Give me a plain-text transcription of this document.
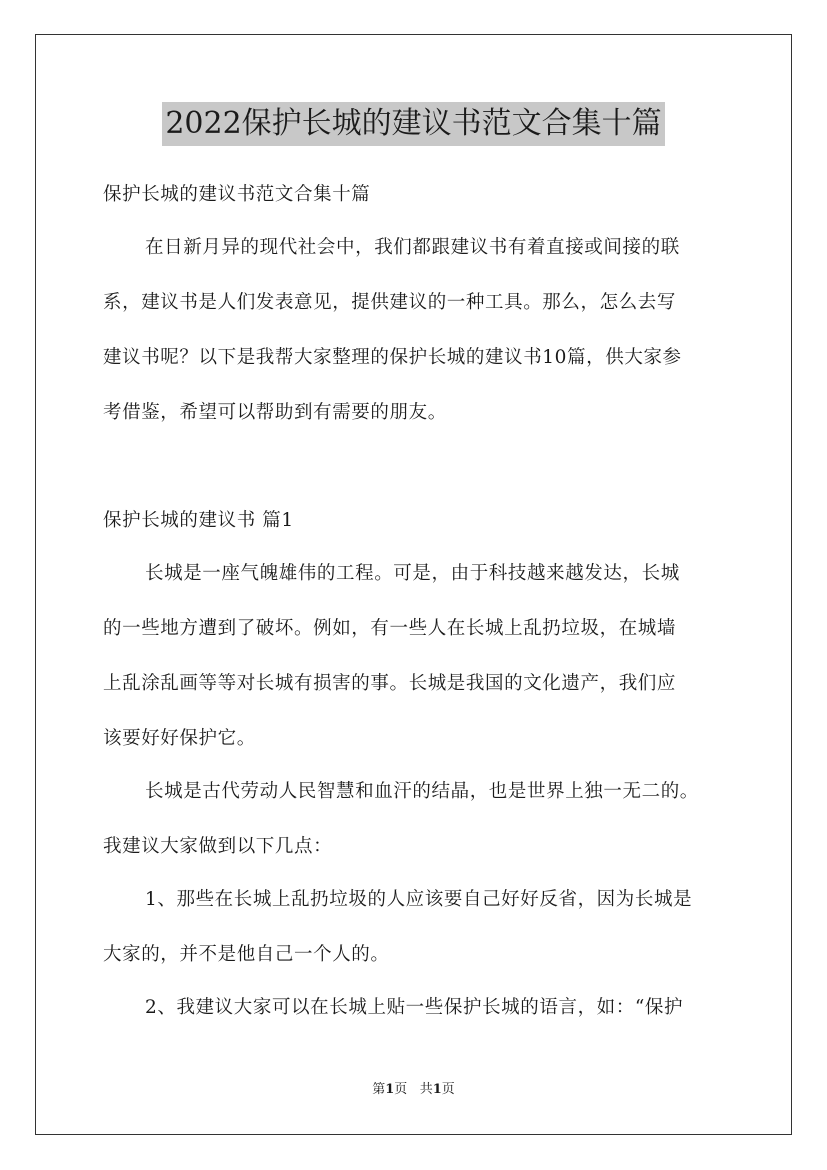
2022保护长城的建议书范文合集十篇
保护长城的建议书范文合集十篇
在日新月异的现代社会中，我们都跟建议书有着直接或间接的联
系，建议书是人们发表意见，提供建议的一种工具。那么，怎么去写
建议书呢？以下是我帮大家整理的保护长城的建议书10篇，供大家参
考借鉴，希望可以帮助到有需要的朋友。
保护长城的建议书 篇1
长城是一座气魄雄伟的工程。可是，由于科技越来越发达，长城
的一些地方遭到了破坏。例如，有一些人在长城上乱扔垃圾，在城墙
上乱涂乱画等等对长城有损害的事。长城是我国的文化遗产，我们应
该要好好保护它。
长城是古代劳动人民智慧和血汗的结晶，也是世界上独一无二的。
我建议大家做到以下几点：
1、那些在长城上乱扔垃圾的人应该要自己好好反省，因为长城是
大家的，并不是他自己一个人的。
2、我建议大家可以在长城上贴一些保护长城的语言，如：“保护
第1页 共1页
